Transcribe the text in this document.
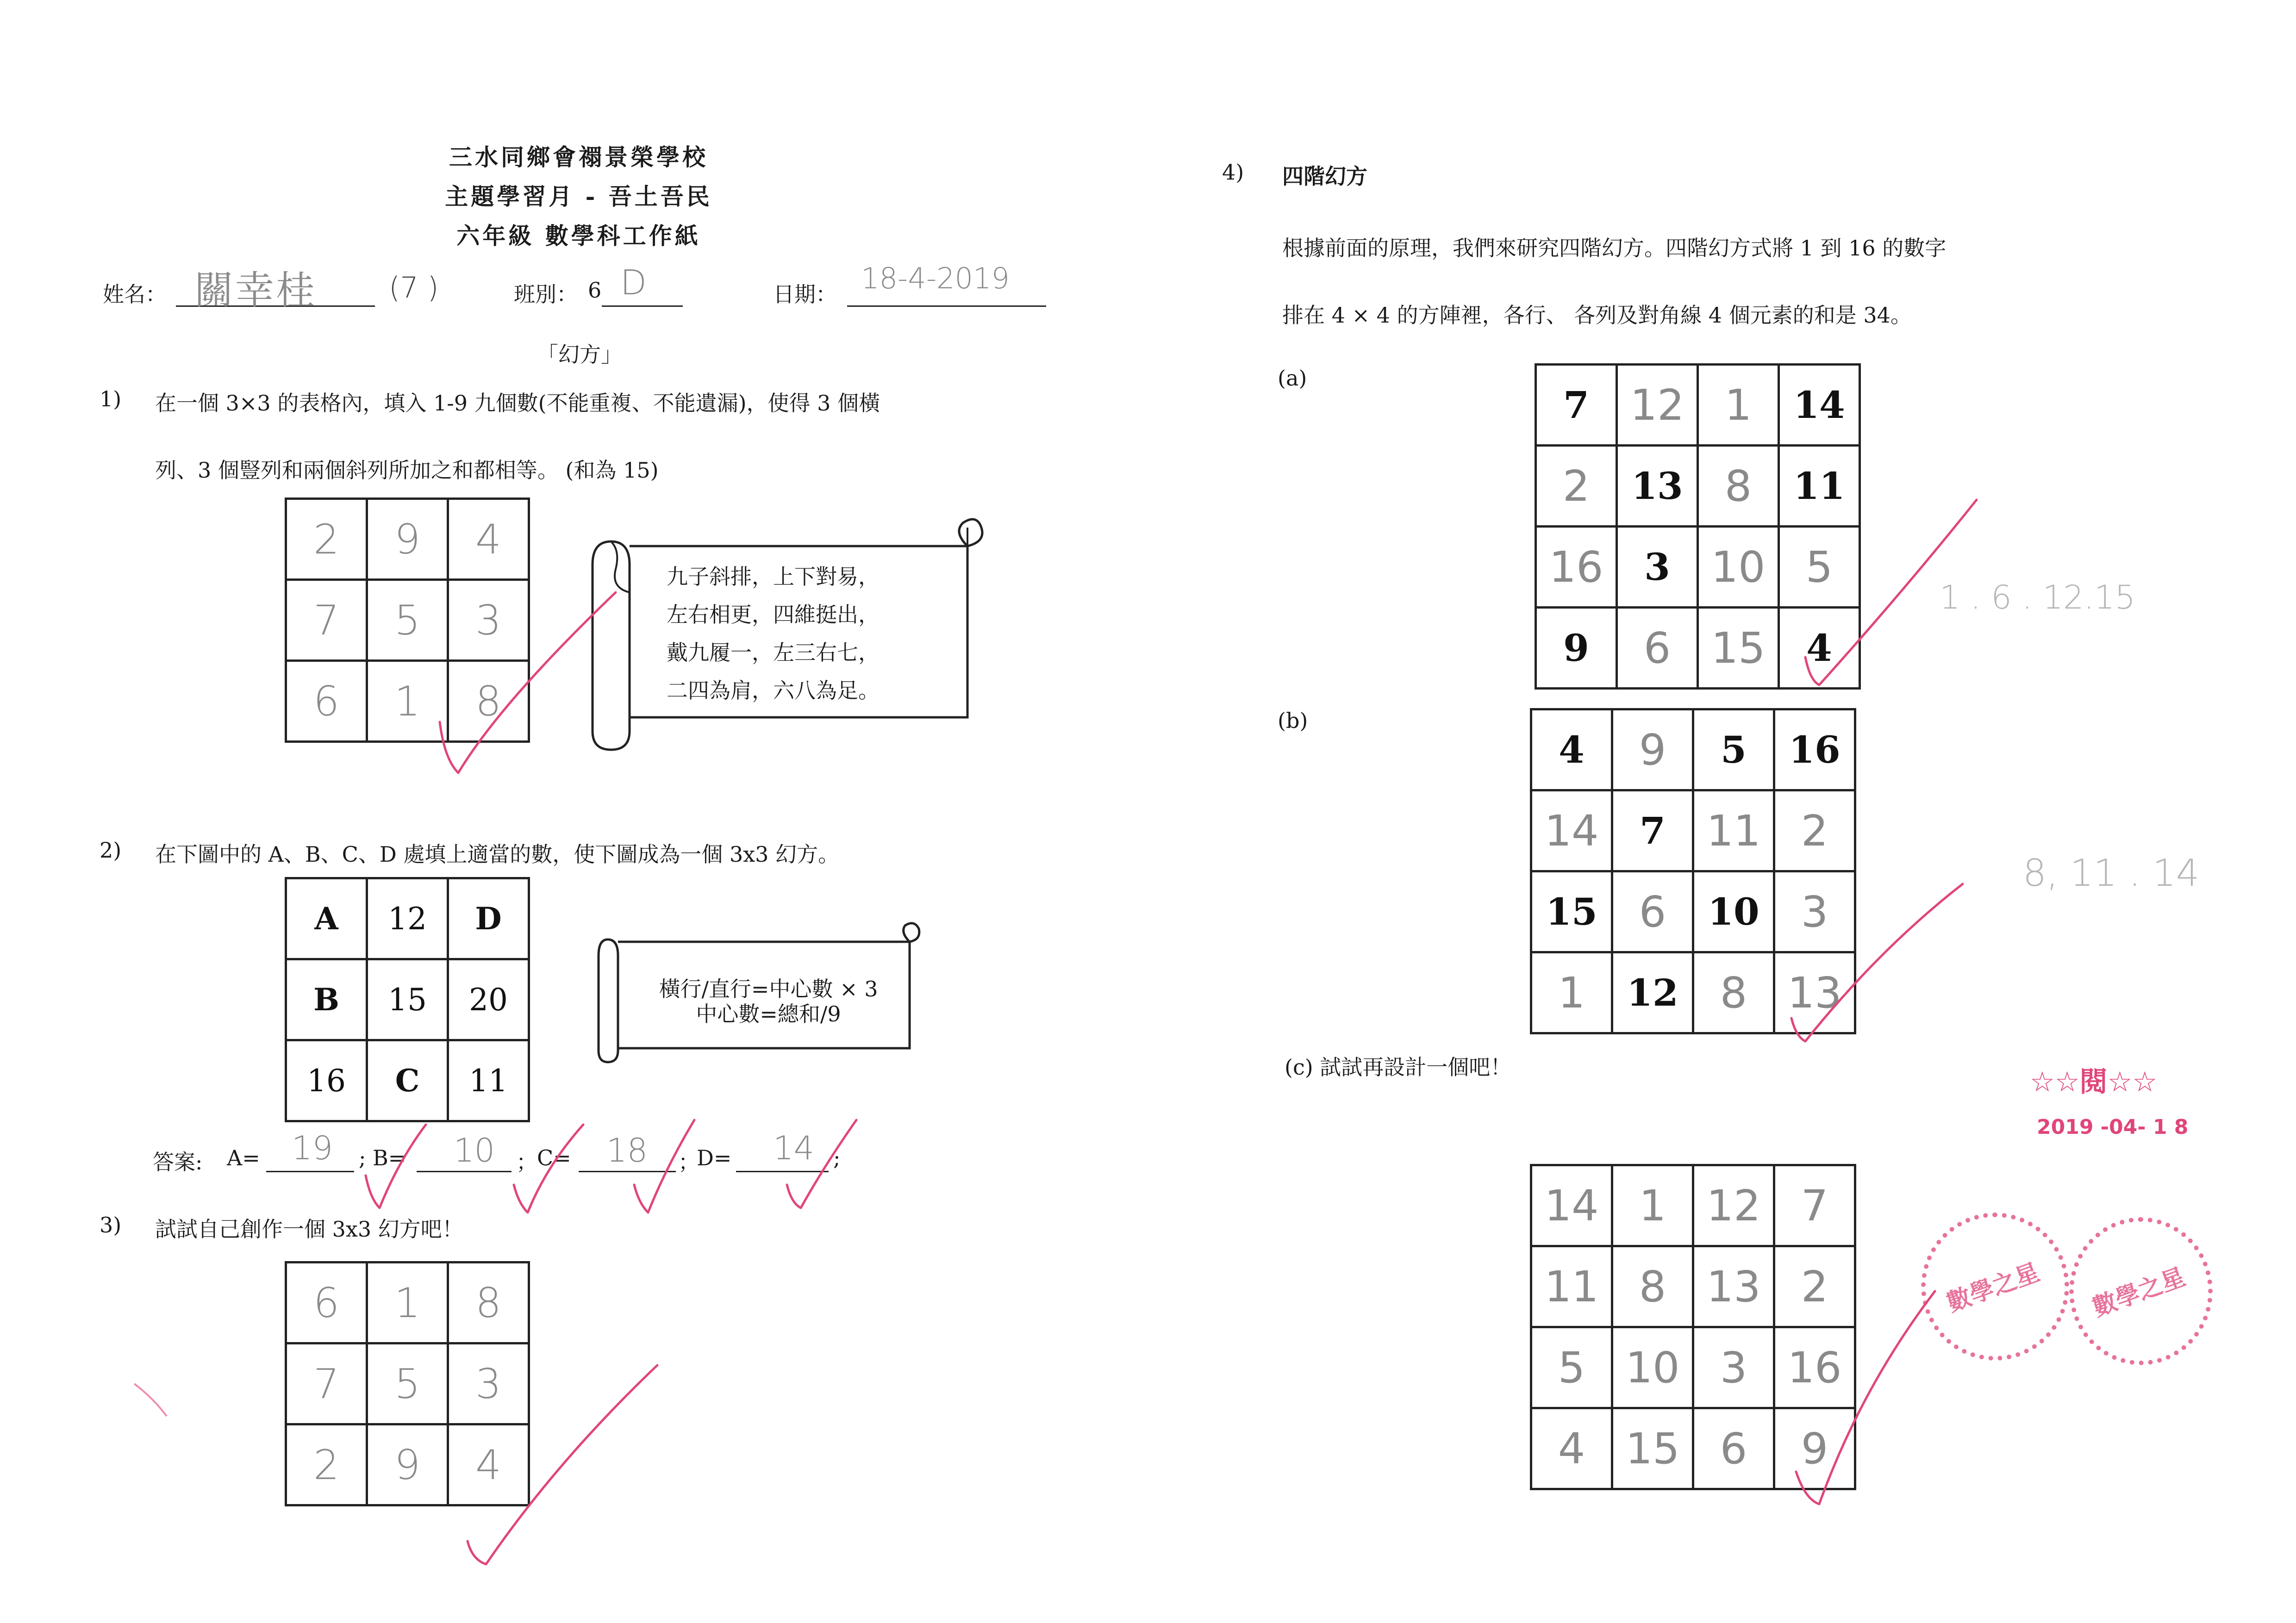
三水同鄉會禤景榮學校
主題學習月 - 吾土吾民
六年級 數學科工作紙
姓名： 關幸桂	(7 )	班別： 6 D	日期： 18-4-2019
「幻方」
1) 在一個 3×3 的表格內，填入 1-9 九個數(不能重複、不能遺漏)，使得 3 個橫
列、3 個豎列和兩個斜列所加之和都相等。 (和為 15)
2	9	4
7	5	3
6	1	8
九子斜排，上下對易，
左右相更，四維挺出，
戴九履一，左三右七，
二四為肩，六八為足。
2) 在下圖中的 A、B、C、D 處填上適當的數，使下圖成為一個 3x3 幻方。
A	12	D
B	15	20
16	C	11
橫行/直行=中心數 × 3
中心數=總和/9
答案: A= 19 ; B= 10 ； C= 18 ；
D= 14 ;
3) 試試自己創作一個 3x3 幻方吧！
6	1	8
7	5	3
2	9	4
4) 四階幻方
根據前面的原理，我們來研究四階幻方。四階幻方式將 1 到 16 的數字
排在 4 × 4 的方陣裡，各行、 各列及對角線 4 個元素的和是 34。
(a)
7	12	1	14
2	13	8	11
16	3	10	5
9	6	15	4
1 . 6 . 12.15
(b)
4	9	5	16
14	7	11	2
15	6	10	3
1	12	8	13
8, 11 . 14
(c) 試試再設計一個吧！
14	1	12	7
11	8	13	2
5	10	3	16
4	15	6	9
☆☆閱☆☆
2019 -04- 1 8
數學之星 數學之星
